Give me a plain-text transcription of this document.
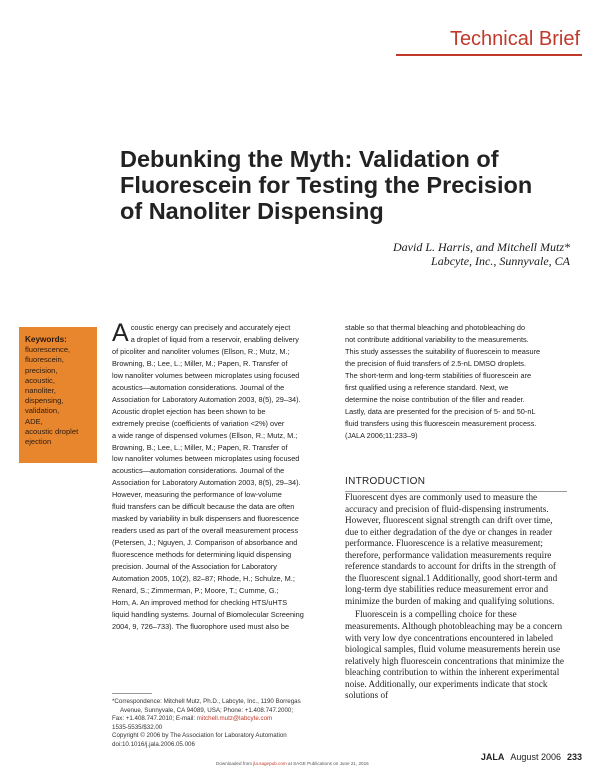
Technical Brief
Debunking the Myth: Validation of Fluorescein for Testing the Precision of Nanoliter Dispensing
David L. Harris, and Mitchell Mutz*
Labcyte, Inc., Sunnyvale, CA
Keywords:
fluorescence,
fluorescein,
precision,
acoustic,
nanoliter,
dispensing,
validation,
ADE,
acoustic droplet
ejection
A coustic energy can precisely and accurately eject
a droplet of liquid from a reservoir, enabling delivery
of picoliter and nanoliter volumes (Ellson, R.; Mutz, M.;
Browning, B.; Lee, L.; Miller, M.; Papen, R. Transfer of
low nanoliter volumes between microplates using focused
acoustics—automation considerations. Journal of the
Association for Laboratory Automation 2003, 8(5), 29–34).
Acoustic droplet ejection has been shown to be
extremely precise (coefficients of variation <2%) over
a wide range of dispensed volumes (Ellson, R.; Mutz, M.;
Browning, B.; Lee, L.; Miller, M.; Papen, R. Transfer of
low nanoliter volumes between microplates using focused
acoustics—automation considerations. Journal of the
Association for Laboratory Automation 2003, 8(5), 29–34).
However, measuring the performance of low-volume
fluid transfers can be difficult because the data are often
masked by variability in bulk dispensers and fluorescence
readers used as part of the overall measurement process
(Petersen, J.; Nguyen, J. Comparison of absorbance and
fluorescence methods for determining liquid dispensing
precision. Journal of the Association for Laboratory
Automation 2005, 10(2), 82–87; Rhode, H.; Schulze, M.;
Renard, S.; Zimmerman, P.; Moore, T.; Cumme, G.;
Horn, A. An improved method for checking HTS/uHTS
liquid handling systems. Journal of Biomolecular Screening
2004, 9, 726–733). The fluorophore used must also be
stable so that thermal bleaching and photobleaching do
not contribute additional variability to the measurements.
This study assesses the suitability of fluorescein to measure
the precision of fluid transfers of 2.5-nL DMSO droplets.
The short-term and long-term stabilities of fluorescein are
first qualified using a reference standard. Next, we
determine the noise contribution of the filler and reader.
Lastly, data are presented for the precision of 5- and 50-nL
fluid transfers using this fluorescein measurement process.
(JALA 2006;11:233–9)
INTRODUCTION

Fluorescent dyes are commonly used to measure the accuracy and precision of fluid-dispensing instruments. However, fluorescent signal strength can drift over time, due to either degradation of the dye or changes in reader performance. Fluorescence is a relative measurement; therefore, performance validation measurements require reference standards to account for drifts in the strength of the fluorescent signal.1 Additionally, good short-term and long-term dye stabilities reduce measurement error and minimize the burden of making and qualifying solutions.

Fluorescein is a compelling choice for these measurements. Although photobleaching may be a concern with very low dye concentrations encountered in labeled biological samples, fluid volume measurements herein use relatively high fluorescein concentrations that minimize the bleaching contribution to within the inherent experimental noise. Additionally, our experiments indicate that stock solutions of

*Correspondence: Mitchell Mutz, Ph.D., Labcyte, Inc., 1190 Borregas
Avenue, Sunnyvale, CA 94089, USA; Phone: +1.408.747.2000;
Fax: +1.408.747.2010; E-mail: mitchell.mutz@labcyte.com
1535-5535/$32.00
Copyright © 2006 by The Association for Laboratory Automation
doi:10.1016/j.jala.2006.05.006
Downloaded from jla.sagepub.com at SAGE Publications on June 21, 2016
JALA August 2006 233
